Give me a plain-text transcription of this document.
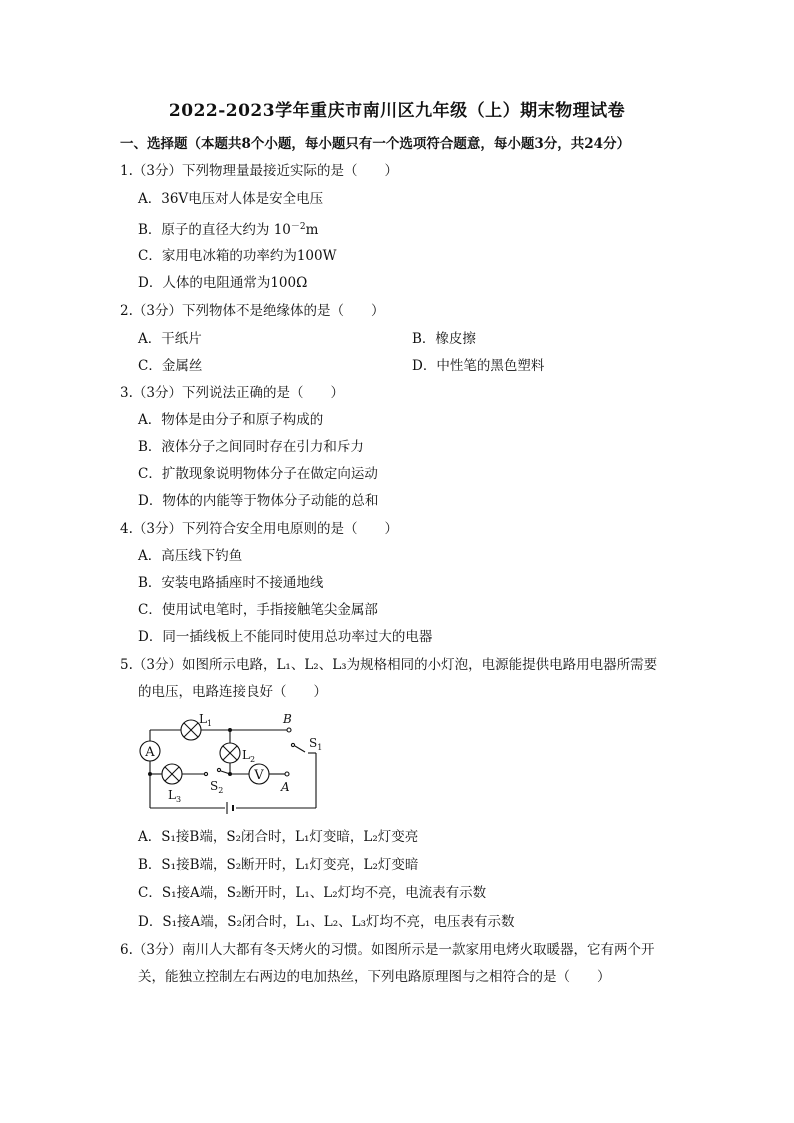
2022-2023学年重庆市南川区九年级（上）期末物理试卷
一、选择题（本题共8个小题，每小题只有一个选项符合题意，每小题3分，共24分）
1.（3分）下列物理量最接近实际的是（　　）
A．36V电压对人体是安全电压
B．原子的直径大约为 $10^{-2}m$
C．家用电冰箱的功率约为100W
D．人体的电阻通常为100Ω
2.（3分）下列物体不是绝缘体的是（　　）
A．干纸片	B．橡皮擦
C．金属丝	D．中性笔的黑色塑料
3.（3分）下列说法正确的是（　　）
A．物体是由分子和原子构成的
B．液体分子之间同时存在引力和斥力
C．扩散现象说明物体分子在做定向运动
D．物体的内能等于物体分子动能的总和
4.（3分）下列符合安全用电原则的是（　　）
A．高压线下钓鱼
B．安装电路插座时不接通地线
C．使用试电笔时，手指接触笔尖金属部
D．同一插线板上不能同时使用总功率过大的电器
5.（3分）如图所示电路，L₁、L₂、L₃为规格相同的小灯泡，电源能提供电路用电器所需要
的电压，电路连接良好（　　）
A
V
$L_1$
$L_2$
$L_3$
$S_1$
$S_2$
B
A
A．S₁接B端，S₂闭合时，L₁灯变暗，L₂灯变亮
B．S₁接B端，S₂断开时，L₁灯变亮，L₂灯变暗
C．S₁接A端，S₂断开时，L₁、L₂灯均不亮，电流表有示数
D．S₁接A端，S₂闭合时，L₁、L₂、L₃灯均不亮，电压表有示数
6.（3分）南川人大都有冬天烤火的习惯。如图所示是一款家用电烤火取暖器，它有两个开
关，能独立控制左右两边的电加热丝，下列电路原理图与之相符合的是（　　）
